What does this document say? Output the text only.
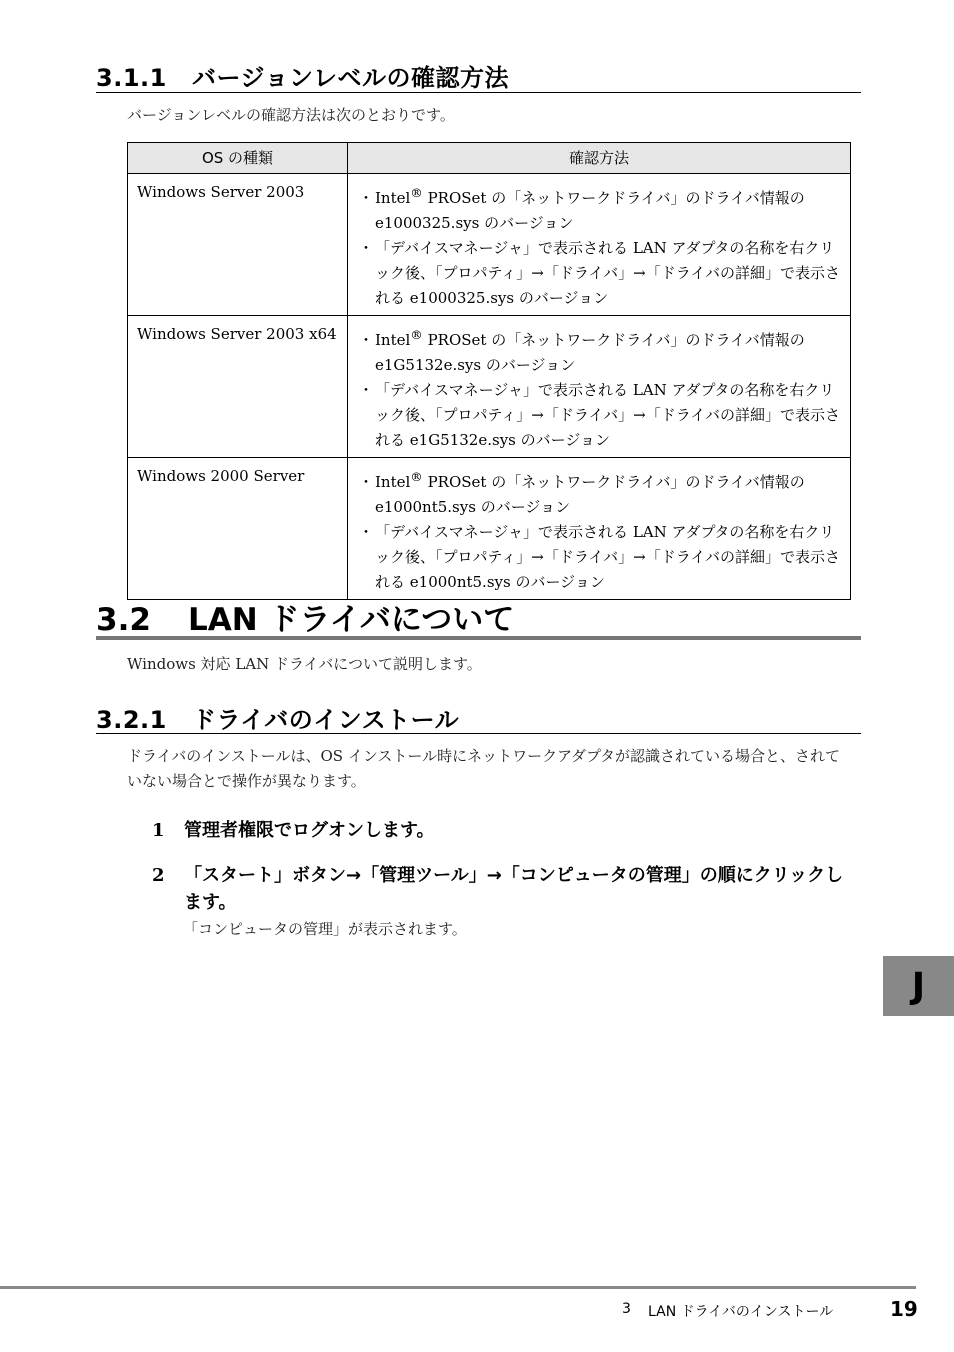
3.1.1 バージョンレベルの確認方法
バージョンレベルの確認方法は次のとおりです。
OS の種類	確認方法
Windows Server 2003	・ Intel® PROSet の「ネットワークドライバ」のドライバ情報の e1000325.sys のバージョン
・ 「デバイスマネージャ」で表示される LAN アダプタの名称を右クリック後、「プロパティ」→「ドライバ」→「ドライバの詳細」で表示される e1000325.sys のバージョン

Windows Server 2003 x64	・ Intel® PROSet の「ネットワークドライバ」のドライバ情報の e1G5132e.sys のバージョン
・ 「デバイスマネージャ」で表示される LAN アダプタの名称を右クリック後、「プロパティ」→「ドライバ」→「ドライバの詳細」で表示される e1G5132e.sys のバージョン

Windows 2000 Server	・ Intel® PROSet の「ネットワークドライバ」のドライバ情報の e1000nt5.sys のバージョン
・ 「デバイスマネージャ」で表示される LAN アダプタの名称を右クリック後、「プロパティ」→「ドライバ」→「ドライバの詳細」で表示される e1000nt5.sys のバージョン
3.2 LAN ドライバについて
Windows 対応 LAN ドライバについて説明します。
3.2.1 ドライバのインストール
ドライバのインストールは、OS インストール時にネットワークアダプタが認識されている場合と、されていない場合とで操作が異なります。
1	管理者権限でログオンします。
2	「スタート」ボタン→「管理ツール」→「コンピュータの管理」の順にクリックします。
「コンピュータの管理」が表示されます。
J
3 LAN ドライバのインストール	19
